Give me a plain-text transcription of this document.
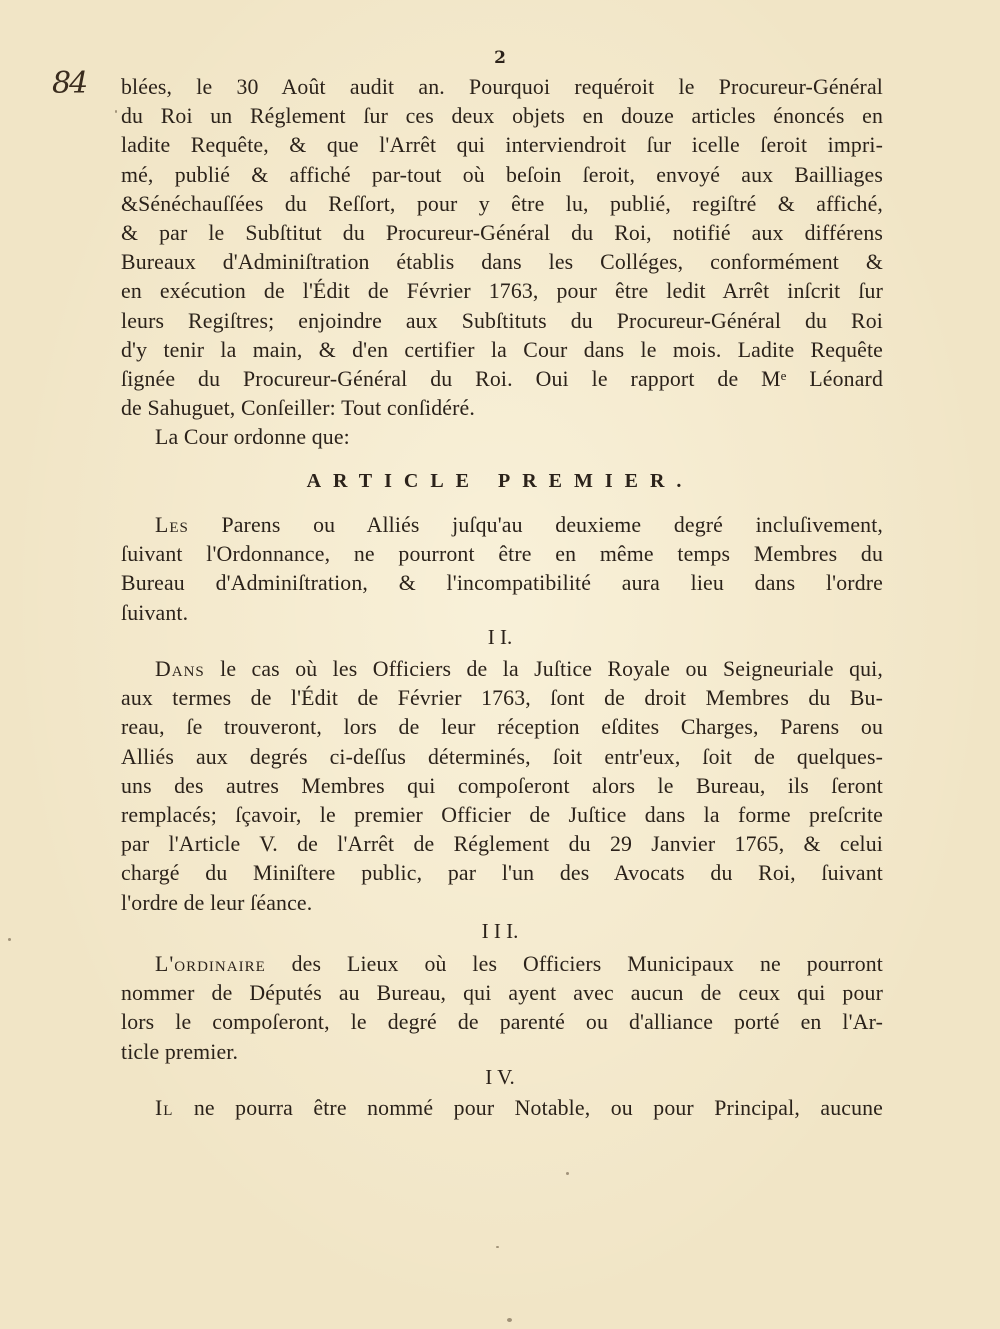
2
84 blées, le 30 Août audit an. Pourquoi requéroit le Procureur-Général
du Roi un Réglement ſur ces deux objets en douze articles énoncés en
ladite Requête, & que l'Arrêt qui interviendroit ſur icelle ſeroit impri-
mé, publié & affiché par-tout où beſoin ſeroit, envoyé aux Bailliages
&Sénéchauſſées du Reſſort, pour y être lu, publié, regiſtré & affiché,
& par le Subſtitut du Procureur-Général du Roi, notifié aux différens
Bureaux d'Adminiſtration établis dans les Colléges, conformément &
en exécution de l'Édit de Février 1763, pour être ledit Arrêt inſcrit ſur
leurs Regiſtres; enjoindre aux Subſtituts du Procureur-Général du Roi
d'y tenir la main, & d'en certifier la Cour dans le mois. Ladite Requête
ſignée du Procureur-Général du Roi. Oui le rapport de Mᵉ Léonard
de Sahuguet, Conſeiller: Tout conſidéré.
La Cour ordonne que:
ARTICLE PREMIER.
Les Parens ou Alliés juſqu'au deuxieme degré incluſivement,
ſuivant l'Ordonnance, ne pourront être en même temps Membres du
Bureau d'Adminiſtration, & l'incompatibilité aura lieu dans l'ordre
ſuivant.
I I.
Dans le cas où les Officiers de la Juſtice Royale ou Seigneuriale qui,
aux termes de l'Édit de Février 1763, ſont de droit Membres du Bu-
reau, ſe trouveront, lors de leur réception eſdites Charges, Parens ou
Alliés aux degrés ci-deſſus déterminés, ſoit entr'eux, ſoit de quelques-
uns des autres Membres qui compoſeront alors le Bureau, ils ſeront
remplacés; ſçavoir, le premier Officier de Juſtice dans la forme preſcrite
par l'Article V. de l'Arrêt de Réglement du 29 Janvier 1765, & celui
chargé du Miniſtere public, par l'un des Avocats du Roi, ſuivant
l'ordre de leur ſéance.
I I I.
L'ordinaire des Lieux où les Officiers Municipaux ne pourront
nommer de Députés au Bureau, qui ayent avec aucun de ceux qui pour
lors le compoſeront, le degré de parenté ou d'alliance porté en l'Ar-
ticle premier.
I V.
Il ne pourra être nommé pour Notable, ou pour Principal, aucune
